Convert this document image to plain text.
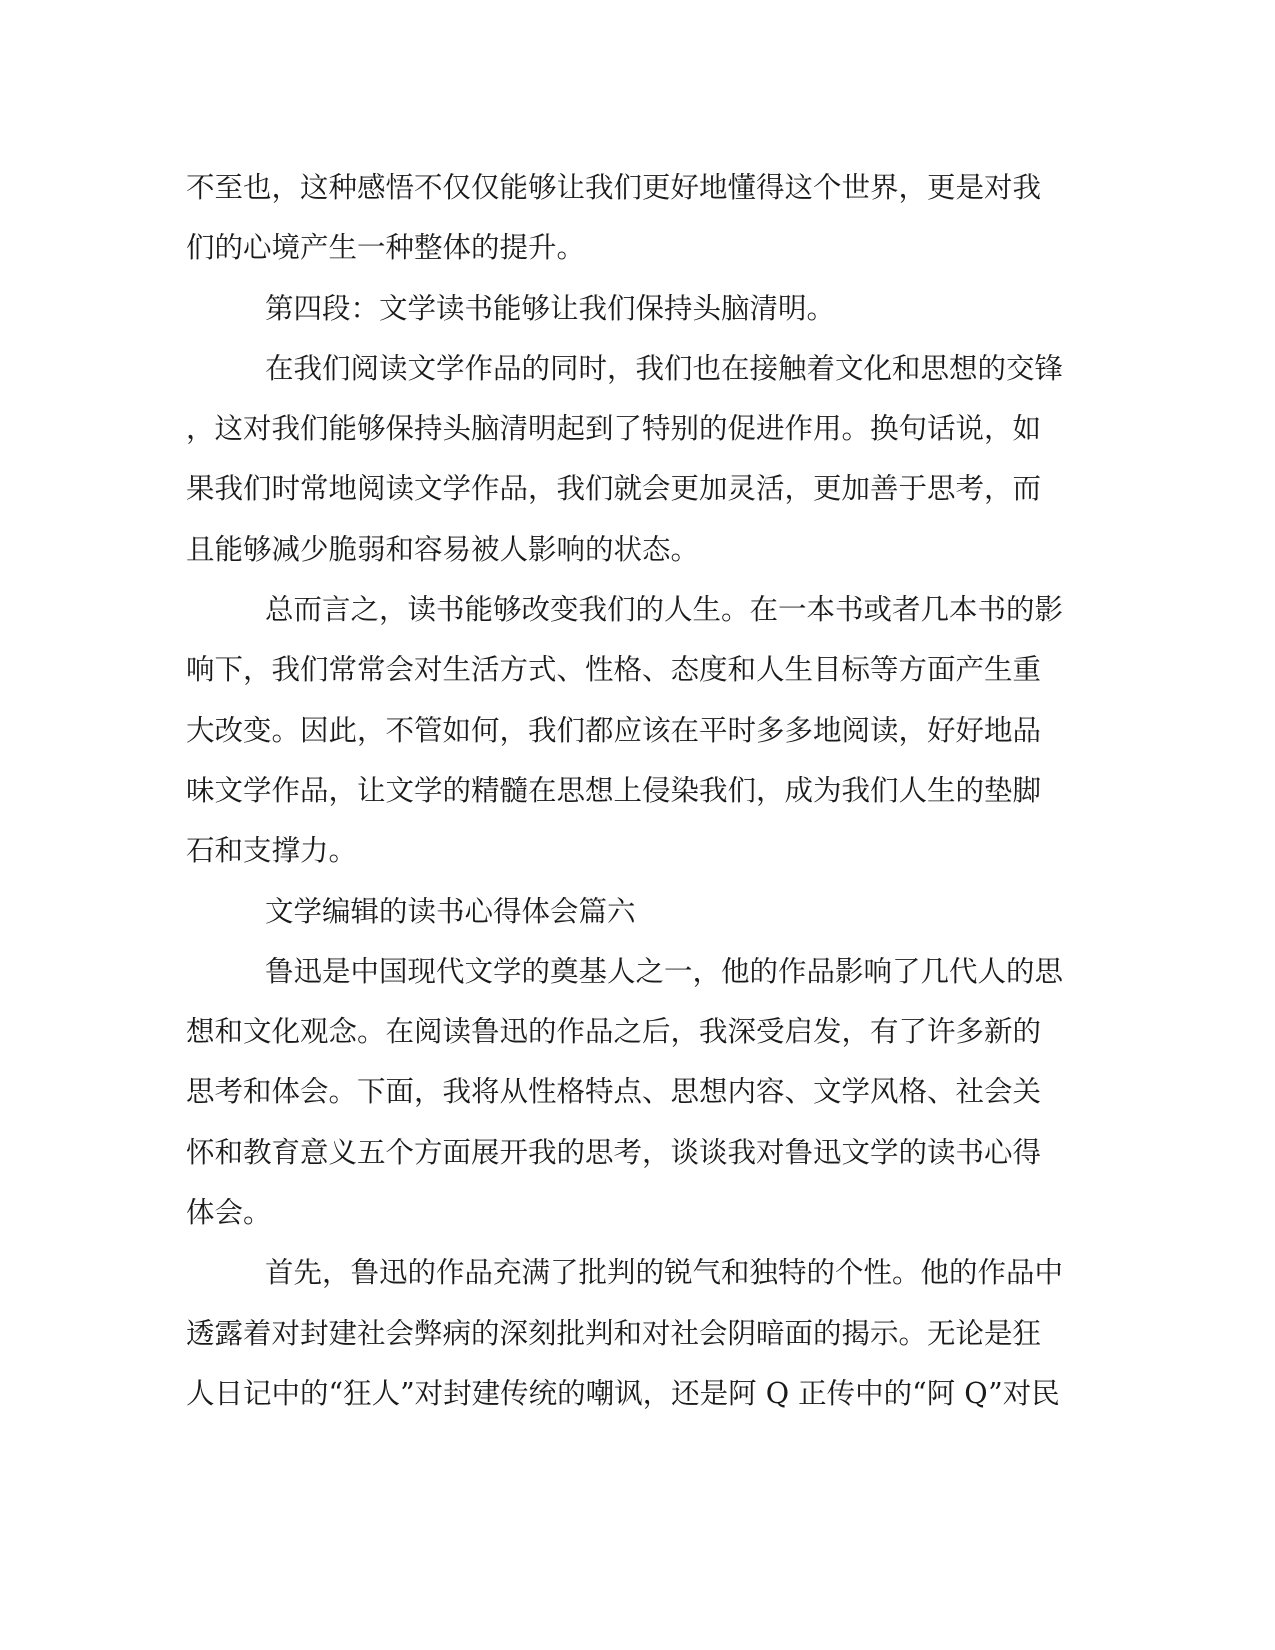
不至也，这种感悟不仅仅能够让我们更好地懂得这个世界，更是对我
们的心境产生一种整体的提升。
第四段：文学读书能够让我们保持头脑清明。
在我们阅读文学作品的同时，我们也在接触着文化和思想的交锋
，这对我们能够保持头脑清明起到了特别的促进作用。换句话说，如
果我们时常地阅读文学作品，我们就会更加灵活，更加善于思考，而
且能够减少脆弱和容易被人影响的状态。
总而言之，读书能够改变我们的人生。在一本书或者几本书的影
响下，我们常常会对生活方式、性格、态度和人生目标等方面产生重
大改变。因此，不管如何，我们都应该在平时多多地阅读，好好地品
味文学作品，让文学的精髓在思想上侵染我们，成为我们人生的垫脚
石和支撑力。
文学编辑的读书心得体会篇六
鲁迅是中国现代文学的奠基人之一，他的作品影响了几代人的思
想和文化观念。在阅读鲁迅的作品之后，我深受启发，有了许多新的
思考和体会。下面，我将从性格特点、思想内容、文学风格、社会关
怀和教育意义五个方面展开我的思考，谈谈我对鲁迅文学的读书心得
体会。
首先，鲁迅的作品充满了批判的锐气和独特的个性。他的作品中
透露着对封建社会弊病的深刻批判和对社会阴暗面的揭示。无论是狂
人日记中的“狂人”对封建传统的嘲讽，还是阿 Q 正传中的“阿 Q”对民
